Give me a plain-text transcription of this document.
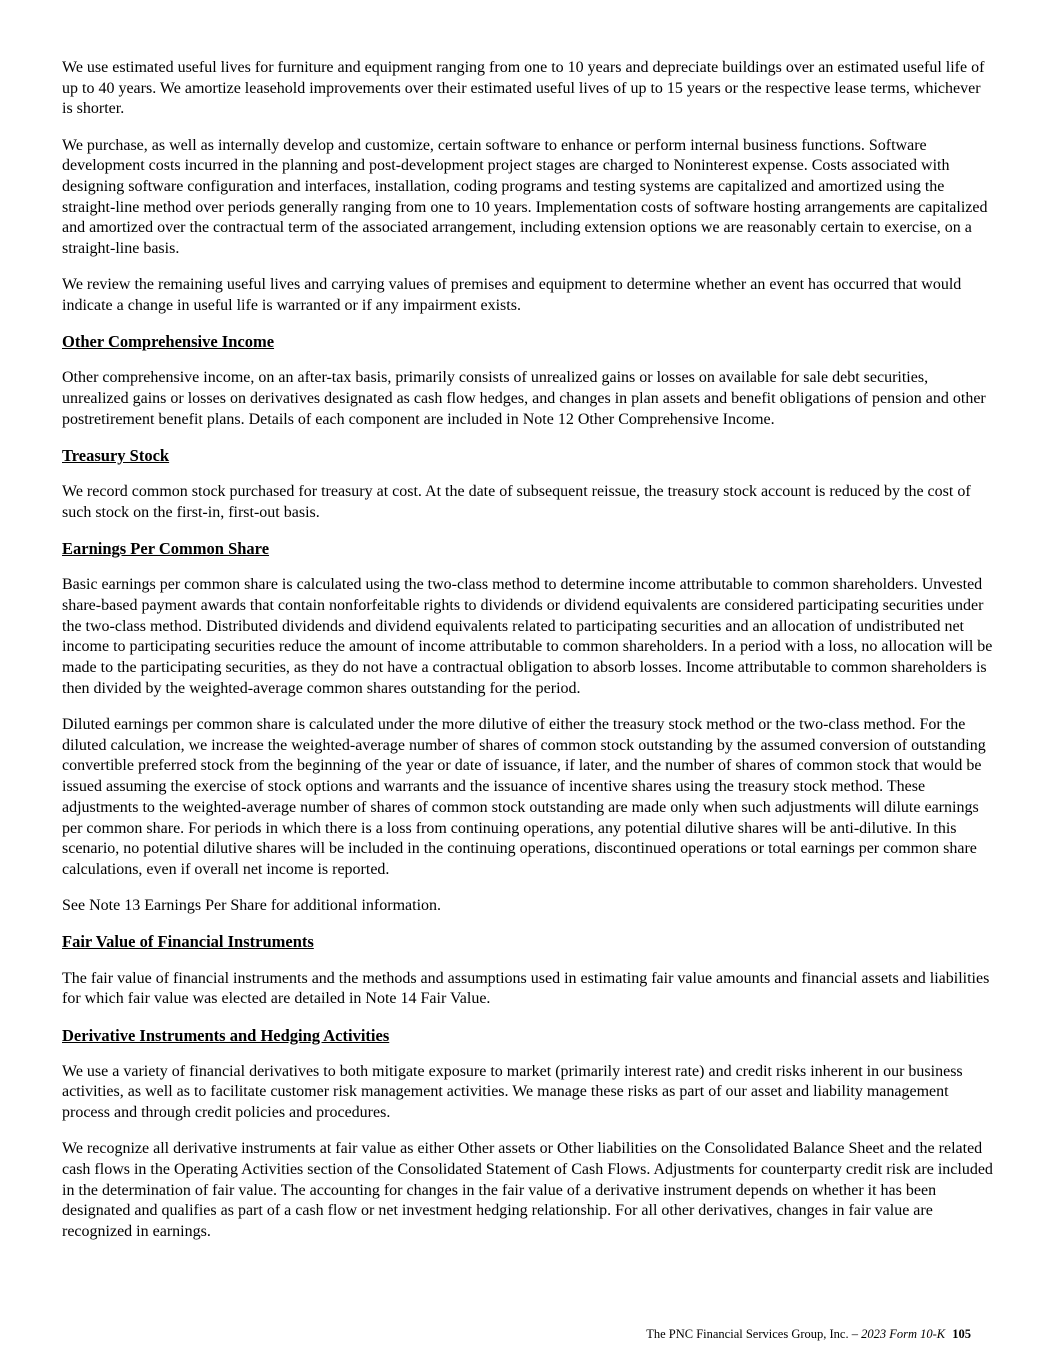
We use estimated useful lives for furniture and equipment ranging from one to 10 years and depreciate buildings over an estimated useful life of up to 40 years. We amortize leasehold improvements over their estimated useful lives of up to 15 years or the respective lease terms, whichever is shorter.

We purchase, as well as internally develop and customize, certain software to enhance or perform internal business functions. Software development costs incurred in the planning and post-development project stages are charged to Noninterest expense. Costs associated with designing software configuration and interfaces, installation, coding programs and testing systems are capitalized and amortized using the straight-line method over periods generally ranging from one to 10 years. Implementation costs of software hosting arrangements are capitalized and amortized over the contractual term of the associated arrangement, including extension options we are reasonably certain to exercise, on a straight-line basis.

We review the remaining useful lives and carrying values of premises and equipment to determine whether an event has occurred that would indicate a change in useful life is warranted or if any impairment exists.

Other Comprehensive Income

Other comprehensive income, on an after-tax basis, primarily consists of unrealized gains or losses on available for sale debt securities, unrealized gains or losses on derivatives designated as cash flow hedges, and changes in plan assets and benefit obligations of pension and other postretirement benefit plans. Details of each component are included in Note 12 Other Comprehensive Income.

Treasury Stock

We record common stock purchased for treasury at cost. At the date of subsequent reissue, the treasury stock account is reduced by the cost of such stock on the first-in, first-out basis.

Earnings Per Common Share

Basic earnings per common share is calculated using the two-class method to determine income attributable to common shareholders. Unvested share-based payment awards that contain nonforfeitable rights to dividends or dividend equivalents are considered participating securities under the two-class method. Distributed dividends and dividend equivalents related to participating securities and an allocation of undistributed net income to participating securities reduce the amount of income attributable to common shareholders. In a period with a loss, no allocation will be made to the participating securities, as they do not have a contractual obligation to absorb losses. Income attributable to common shareholders is then divided by the weighted-average common shares outstanding for the period.

Diluted earnings per common share is calculated under the more dilutive of either the treasury stock method or the two-class method. For the diluted calculation, we increase the weighted-average number of shares of common stock outstanding by the assumed conversion of outstanding convertible preferred stock from the beginning of the year or date of issuance, if later, and the number of shares of common stock that would be issued assuming the exercise of stock options and warrants and the issuance of incentive shares using the treasury stock method. These adjustments to the weighted-average number of shares of common stock outstanding are made only when such adjustments will dilute earnings per common share. For periods in which there is a loss from continuing operations, any potential dilutive shares will be anti-dilutive. In this scenario, no potential dilutive shares will be included in the continuing operations, discontinued operations or total earnings per common share calculations, even if overall net income is reported.

See Note 13 Earnings Per Share for additional information.

Fair Value of Financial Instruments

The fair value of financial instruments and the methods and assumptions used in estimating fair value amounts and financial assets and liabilities for which fair value was elected are detailed in Note 14 Fair Value.

Derivative Instruments and Hedging Activities

We use a variety of financial derivatives to both mitigate exposure to market (primarily interest rate) and credit risks inherent in our business activities, as well as to facilitate customer risk management activities. We manage these risks as part of our asset and liability management process and through credit policies and procedures.

We recognize all derivative instruments at fair value as either Other assets or Other liabilities on the Consolidated Balance Sheet and the related cash flows in the Operating Activities section of the Consolidated Statement of Cash Flows. Adjustments for counterparty credit risk are included in the determination of fair value. The accounting for changes in the fair value of a derivative instrument depends on whether it has been designated and qualifies as part of a cash flow or net investment hedging relationship. For all other derivatives, changes in fair value are recognized in earnings.

The PNC Financial Services Group, Inc. – 2023 Form 10-K 105
